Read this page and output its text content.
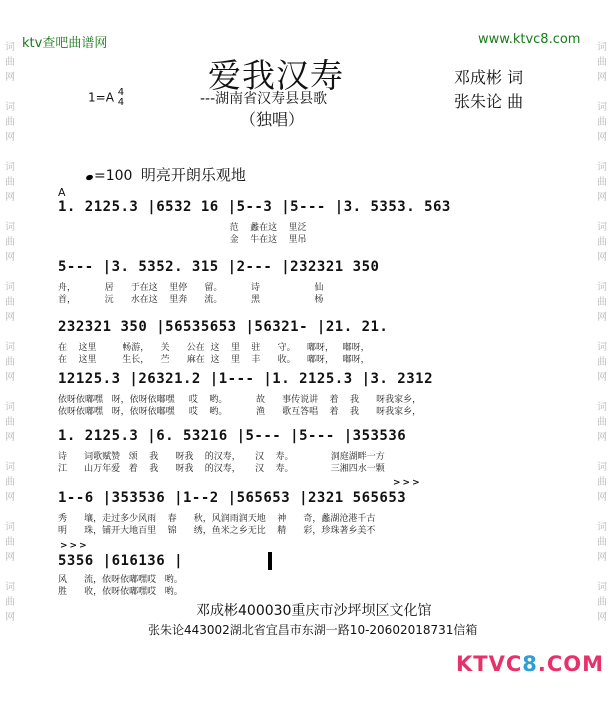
词
曲
网

词
曲
网

词
曲
网

词
曲
网

词
曲
网

词
曲
网

词
曲
网

词
曲
网

词
曲
网

词
曲
网
词
曲
网

词
曲
网

词
曲
网

词
曲
网

词
曲
网

词
曲
网

词
曲
网

词
曲
网

词
曲
网

词
曲
网
ktv查吧曲谱网	www.ktvc8.com
爱我汉寿
---湖南省汉寿县县歌
（独唱）
1=A 4
4
邓成彬 词
张朱论 曲
=100 明亮开朗乐观地
A
1. 2125.3 |6532 16 |5--3 |5--- |3. 5353. 563
范    蠡在这    里泛
金    牛在这    里吊
5--- |3. 5352. 315 |2--- |232321 350
舟，          居      于在这    里停      留。          诗                   仙
首，          沅      水在这    里奔      流。          黑                   杨
232321 350 |56535653 |56321- |21. 21.
在    这里         畅游，    关      公在  这    里    驻      守。    嘟呀，   嘟呀，
在    这里         生长，    苎      麻在  这    里    丰      收。    嘟呀，   嘟呀，
12125.3 |26321.2 |1--- |1. 2125.3 |3. 2312
依呀依嘟嘿   呀，依呀依嘟嘿     哎    哟。          故      事传说讲    着    我      呀我家乡，
依呀依嘟嘿   呀，依呀依嘟嘿     哎    哟。          渔      歌互答唱    着    我      呀我家乡，
1. 2125.3 |6. 53216 |5--- |5--- |353536
诗      词歌赋赞   颂    我      呀我    的汉寿，     汉    寿。             洞庭湖畔一方
江      山万年爱   着    我      呀我    的汉寿，     汉    寿。             三湘四水一颗
>>>
1--6 |353536 |1--2 |565653 |2321 565653
秀      壤，走过多少风雨    春      秋，风润雨润天地    神      奇，蠡湖沧港千古
明      珠，铺开大地百里    锦      绣，鱼米之乡无比    精      彩，珍珠著乡美不
>>>
5356 |616136 |
风      流，依呀依嘟嘿哎   哟。
胜      收，依呀依嘟嘿哎   哟。
邓成彬400030重庆市沙坪坝区文化馆
张朱论443002湖北省宜昌市东湖一路10-20602018731信箱
KTVC8.COM
